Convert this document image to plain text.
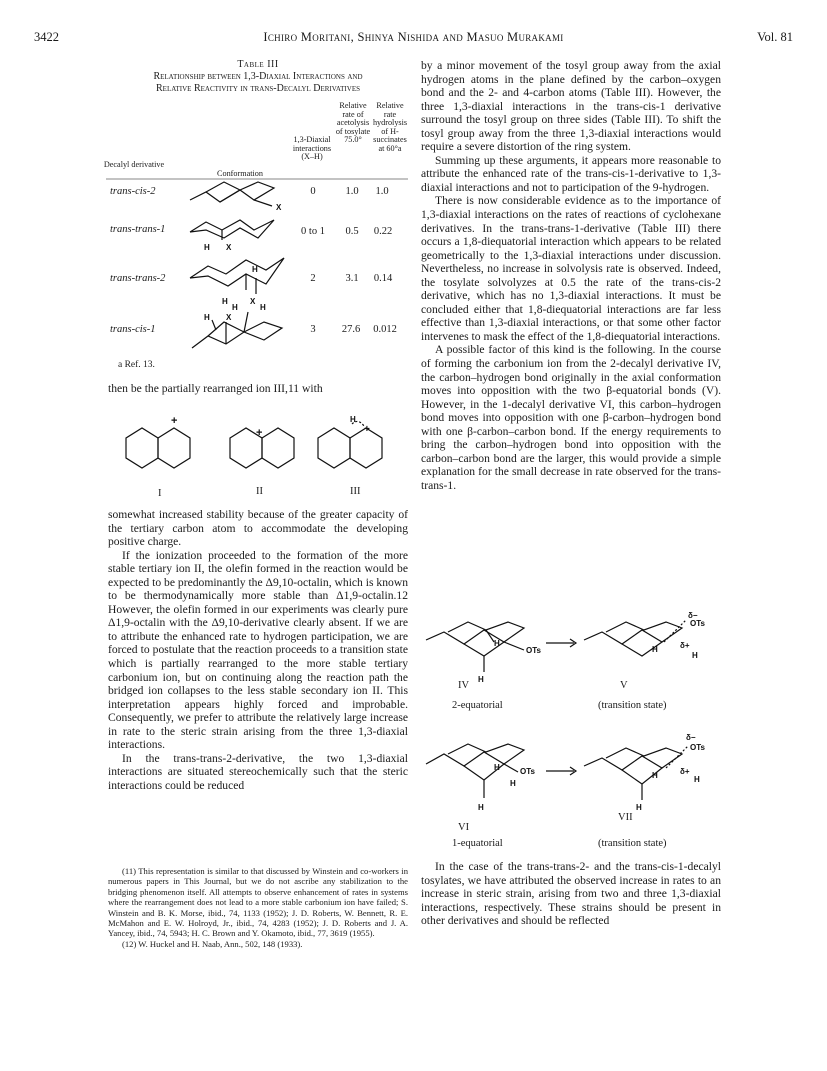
3422	Ichiro Moritani, Shinya Nishida and Masuo Murakami	Vol. 81
Table III
Relationship between 1,3-Diaxial Interactions and
Relative Reactivity in trans-Decalyl Derivatives
Decalyl derivative
Conformation
1,3-Diaxial interactions (X–H)
Relative rate of acetolysis of tosylate 75.0°
Relative rate hydrolysis of H-succinates at 60°a
trans-cis-2	0	1.0	1.0
trans-trans-1	0 to 1	0.5	0.22
trans-trans-2	2	3.1	0.14
trans-cis-1	3	27.6	0.012
X
H X
H	X
H
H X
H	H
a Ref. 13.

then be the partially rearranged ion III,11 with

+
I
+
II
H
+
III

somewhat increased stability because of the greater capacity of the tertiary carbon atom to accommodate the developing positive charge.

If the ionization proceeded to the formation of the more stable tertiary ion II, the olefin formed in the reaction would be expected to be predominantly the Δ9,10-octalin, which is known to be thermodynamically more stable than Δ1,9-octalin.12 However, the olefin formed in our experiments was clearly pure Δ1,9-octalin with the Δ9,10-derivative clearly absent. If we are to attribute the enhanced rate to hydrogen participation, we are forced to postulate that the reaction proceeds to a transition state which is partially rearranged to the more stable tertiary carbonium ion, but on continuing along the reaction path the bridged ion collapses to the less stable secondary ion II. This interpretation appears highly forced and improbable. Consequently, we prefer to attribute the relatively large increase in rate to the steric strain arising from the three 1,3-diaxial interactions.

In the trans-trans-2-derivative, the two 1,3-diaxial interactions are situated stereochemically such that the steric interactions could be reduced

(11) This representation is similar to that discussed by Winstein and co-workers in numerous papers in This Journal, but we do not ascribe any stabilization to the bridging phenomenon itself. All attempts to observe enhancement of rates in systems where the rearrangement does not lead to a more stable carbonium ion have failed; S. Winstein and B. K. Morse, ibid., 74, 1133 (1952); J. D. Roberts, W. Bennett, R. E. McMahon and E. W. Holroyd, Jr., ibid., 74, 4283 (1952); J. D. Roberts and J. A. Yancey, ibid., 74, 5943; H. C. Brown and Y. Okamoto, ibid., 77, 3619 (1955).

(12) W. Huckel and H. Naab, Ann., 502, 148 (1933).

by a minor movement of the tosyl group away from the axial hydrogen atoms in the plane defined by the carbon–oxygen bond and the 2- and 4-carbon atoms (Table III). However, the three 1,3-diaxial interactions in the trans-cis-1 derivative surround the tosyl group on three sides (Table III). To shift the tosyl group away from the three 1,3-diaxial interactions would require a severe distortion of the ring system.

Summing up these arguments, it appears more reasonable to attribute the enhanced rate of the trans-cis-1-derivative to 1,3-diaxial interactions and not to participation of the 9-hydrogen.

There is now considerable evidence as to the importance of 1,3-diaxial interactions on the rates of reactions of cyclohexane derivatives. In the trans-trans-1-derivative (Table III) there occurs a 1,8-diequatorial interaction which appears to be related geometrically to the 1,3-diaxial interactions under discussion. Nevertheless, no increase in solvolysis rate is observed. Indeed, the tosylate solvolyzes at 0.5 the rate of the trans-cis-2 derivative, which has no 1,3-diaxial interactions. It must be concluded either that 1,8-diequatorial interactions are far less effective than 1,3-diaxial interactions, or that some other factor intervenes to mask the effect of the 1,8-diequatorial interactions.

A possible factor of this kind is the following. In the course of forming the carbonium ion from the 2-decalyl derivative IV, the carbon–hydrogen bond originally in the axial conformation moves into opposition with the two β-equatorial bonds (V). However, in the 1-decalyl derivative VI, this carbon–hydrogen bond moves into opposition with one β-carbon–hydrogen bond with one β-carbon–carbon bond. If the energy requirements to bring the carbon–hydrogen bond into opposition with the carbon–carbon bond are the larger, this would provide a simple explanation for the small decrease in rate observed for the trans-trans-1.

H
OTs
H
δ−
OTs
H	δ+
H
IV	V
2-equatorial	(transition state)
H	OTs
H
H
δ−
OTs
H	δ+
H
H
VI
VII
1-equatorial	(transition state)

In the case of the trans-trans-2- and the trans-cis-1-decalyl tosylates, we have attributed the observed increase in rates to an increase in steric strain, arising from two and three 1,3-diaxial interactions, respectively. These strains should be present in other derivatives and should be reflected
